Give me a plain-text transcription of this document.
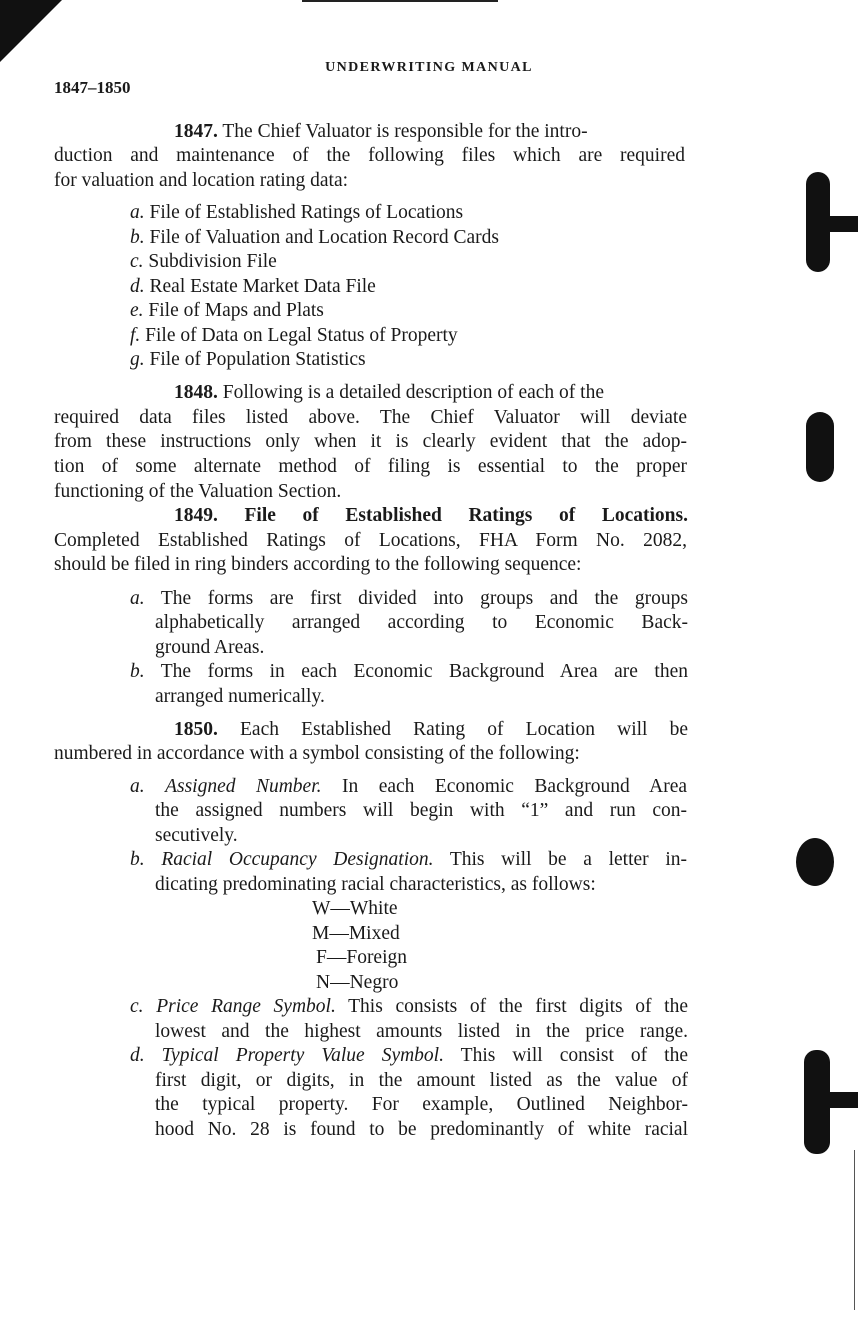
UNDERWRITING MANUAL
1847–1850
1847. The Chief Valuator is responsible for the intro-
duction and maintenance of the following files which are required
for valuation and location rating data:
a. File of Established Ratings of Locations
b. File of Valuation and Location Record Cards
c. Subdivision File
d. Real Estate Market Data File
e. File of Maps and Plats
f. File of Data on Legal Status of Property
g. File of Population Statistics
1848. Following is a detailed description of each of the
required data files listed above. The Chief Valuator will deviate
from these instructions only when it is clearly evident that the adop-
tion of some alternate method of filing is essential to the proper
functioning of the Valuation Section.
1849. File of Established Ratings of Locations.
Completed Established Ratings of Locations, FHA Form No. 2082,
should be filed in ring binders according to the following sequence:
a. The forms are first divided into groups and the groups
alphabetically arranged according to Economic Back-
ground Areas.
b. The forms in each Economic Background Area are then
arranged numerically.
1850. Each Established Rating of Location will be
numbered in accordance with a symbol consisting of the following:
a. Assigned Number. In each Economic Background Area
the assigned numbers will begin with “1” and run con-
secutively.
b. Racial Occupancy Designation. This will be a letter in-
dicating predominating racial characteristics, as follows:
W—White
M—Mixed
F—Foreign
N—Negro
c. Price Range Symbol. This consists of the first digits of the
lowest and the highest amounts listed in the price range.
d. Typical Property Value Symbol. This will consist of the
first digit, or digits, in the amount listed as the value of
the typical property. For example, Outlined Neighbor-
hood No. 28 is found to be predominantly of white racial
